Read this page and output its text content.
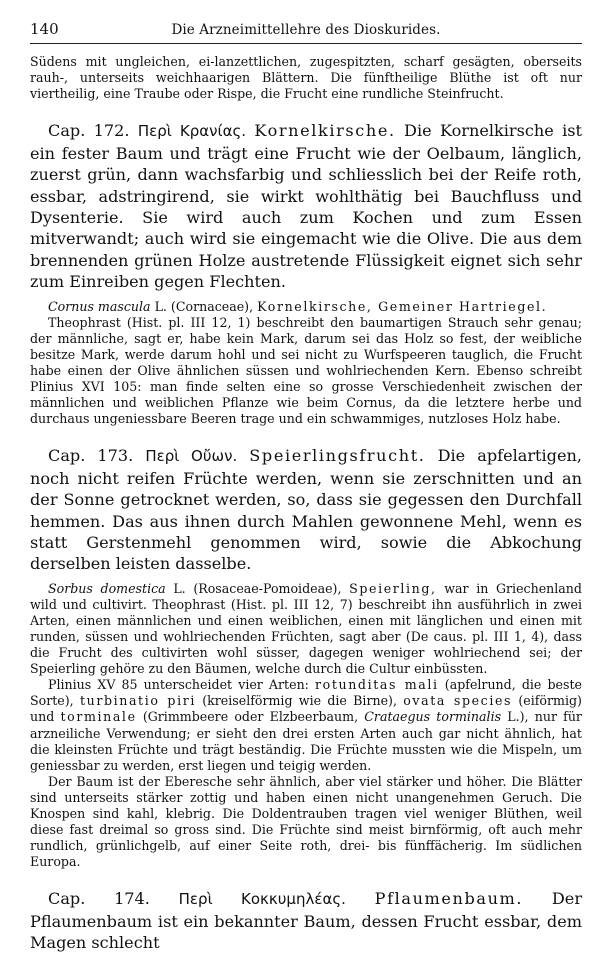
140	Die Arzneimittellehre des Dioskurides.

Südens mit ungleichen, ei-lanzettlichen, zugespitzten, scharf gesägten, oberseits rauh-, unterseits weichhaarigen Blättern. Die fünftheilige Blüthe ist oft nur viertheilig, eine Traube oder Rispe, die Frucht eine rundliche Steinfrucht.

Cap. 172. Περὶ Κρανίας. Kornelkirsche. Die Kornelkirsche ist ein fester Baum und trägt eine Frucht wie der Oelbaum, länglich, zuerst grün, dann wachsfarbig und schliesslich bei der Reife roth, essbar, adstringirend, sie wirkt wohlthätig bei Bauchfluss und Dysenterie. Sie wird auch zum Kochen und zum Essen mitverwandt; auch wird sie eingemacht wie die Olive. Die aus dem brennenden grünen Holze austretende Flüssigkeit eignet sich sehr zum Einreiben gegen Flechten.

Cornus mascula L. (Cornaceae), Kornelkirsche, Gemeiner Hartriegel.

Theophrast (Hist. pl. III 12, 1) beschreibt den baumartigen Strauch sehr genau; der männliche, sagt er, habe kein Mark, darum sei das Holz so fest, der weibliche besitze Mark, werde darum hohl und sei nicht zu Wurfspeeren tauglich, die Frucht habe einen der Olive ähnlichen süssen und wohlriechenden Kern. Ebenso schreibt Plinius XVI 105: man finde selten eine so grosse Verschiedenheit zwischen der männlichen und weiblichen Pflanze wie beim Cornus, da die letztere herbe und durchaus ungeniessbare Beeren trage und ein schwammiges, nutzloses Holz habe.

Cap. 173. Περὶ Οὔων. Speierlingsfrucht. Die apfelartigen, noch nicht reifen Früchte werden, wenn sie zerschnitten und an der Sonne getrocknet werden, so, dass sie gegessen den Durchfall hemmen. Das aus ihnen durch Mahlen gewonnene Mehl, wenn es statt Gerstenmehl genommen wird, sowie die Abkochung derselben leisten dasselbe.

Sorbus domestica L. (Rosaceae-Pomoideae), Speierling, war in Griechenland wild und cultivirt. Theophrast (Hist. pl. III 12, 7) beschreibt ihn ausführlich in zwei Arten, einen männlichen und einen weiblichen, einen mit länglichen und einen mit runden, süssen und wohlriechenden Früchten, sagt aber (De caus. pl. III 1, 4), dass die Frucht des cultivirten wohl süsser, dagegen weniger wohlriechend sei; der Speierling gehöre zu den Bäumen, welche durch die Cultur einbüssten.

Plinius XV 85 unterscheidet vier Arten: rotunditas mali (apfelrund, die beste Sorte), turbinatio piri (kreiselförmig wie die Birne), ovata species (eiförmig) und torminale (Grimmbeere oder Elzbeerbaum, Crataegus torminalis L.), nur für arzneiliche Verwendung; er sieht den drei ersten Arten auch gar nicht ähnlich, hat die kleinsten Früchte und trägt beständig. Die Früchte mussten wie die Mispeln, um geniessbar zu werden, erst liegen und teigig werden.

Der Baum ist der Eberesche sehr ähnlich, aber viel stärker und höher. Die Blätter sind unterseits stärker zottig und haben einen nicht unangenehmen Geruch. Die Knospen sind kahl, klebrig. Die Doldentrauben tragen viel weniger Blüthen, weil diese fast dreimal so gross sind. Die Früchte sind meist birnförmig, oft auch mehr rundlich, grünlichgelb, auf einer Seite roth, drei- bis fünffächerig. Im südlichen Europa.

Cap. 174. Περὶ Κοκκυμηλέας. Pflaumenbaum. Der Pflaumenbaum ist ein bekannter Baum, dessen Frucht essbar, dem Magen schlecht
